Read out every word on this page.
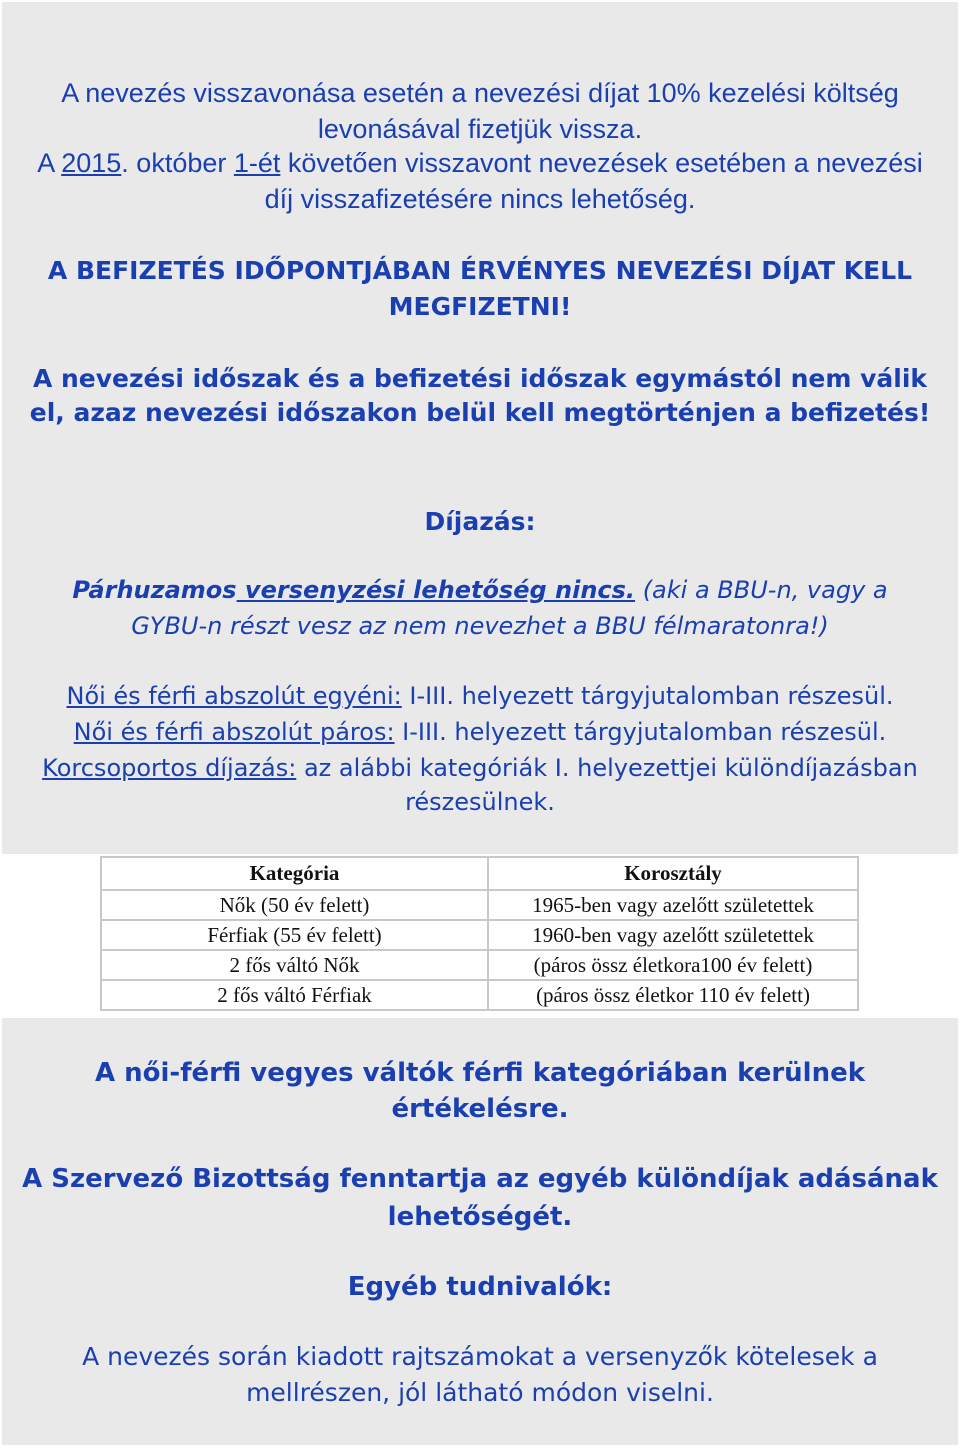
A nevezés visszavonása esetén a nevezési díjat 10% kezelési költség
levonásával fizetjük vissza.
A 2015. október 1-ét követően visszavont nevezések esetében a nevezési
díj visszafizetésére nincs lehetőség.
A BEFIZETÉS IDŐPONTJÁBAN ÉRVÉNYES NEVEZÉSI DÍJAT KELL
MEGFIZETNI!
A nevezési időszak és a befizetési időszak egymástól nem válik
el, azaz nevezési időszakon belül kell megtörténjen a befizetés!
Díjazás:
Párhuzamos versenyzési lehetőség nincs. (aki a BBU-n, vagy a
GYBU-n részt vesz az nem nevezhet a BBU félmaratonra!)
Női és férfi abszolút egyéni: I-III. helyezett tárgyjutalomban részesül.
Női és férfi abszolút páros: I-III. helyezett tárgyjutalomban részesül.
Korcsoportos díjazás: az alábbi kategóriák I. helyezettjei különdíjazásban
részesülnek.
Kategória	Korosztály
Nők (50 év felett)	1965-ben vagy azelőtt születettek
Férfiak (55 év felett)	1960-ben vagy azelőtt születettek
2 fős váltó Nők	(páros össz életkora100 év felett)
2 fős váltó Férfiak	(páros össz életkor 110 év felett)
A női-férfi vegyes váltók férfi kategóriában kerülnek
értékelésre.
A Szervező Bizottság fenntartja az egyéb különdíjak adásának
lehetőségét.
Egyéb tudnivalók:
A nevezés során kiadott rajtszámokat a versenyzők kötelesek a
mellrészen, jól látható módon viselni.
